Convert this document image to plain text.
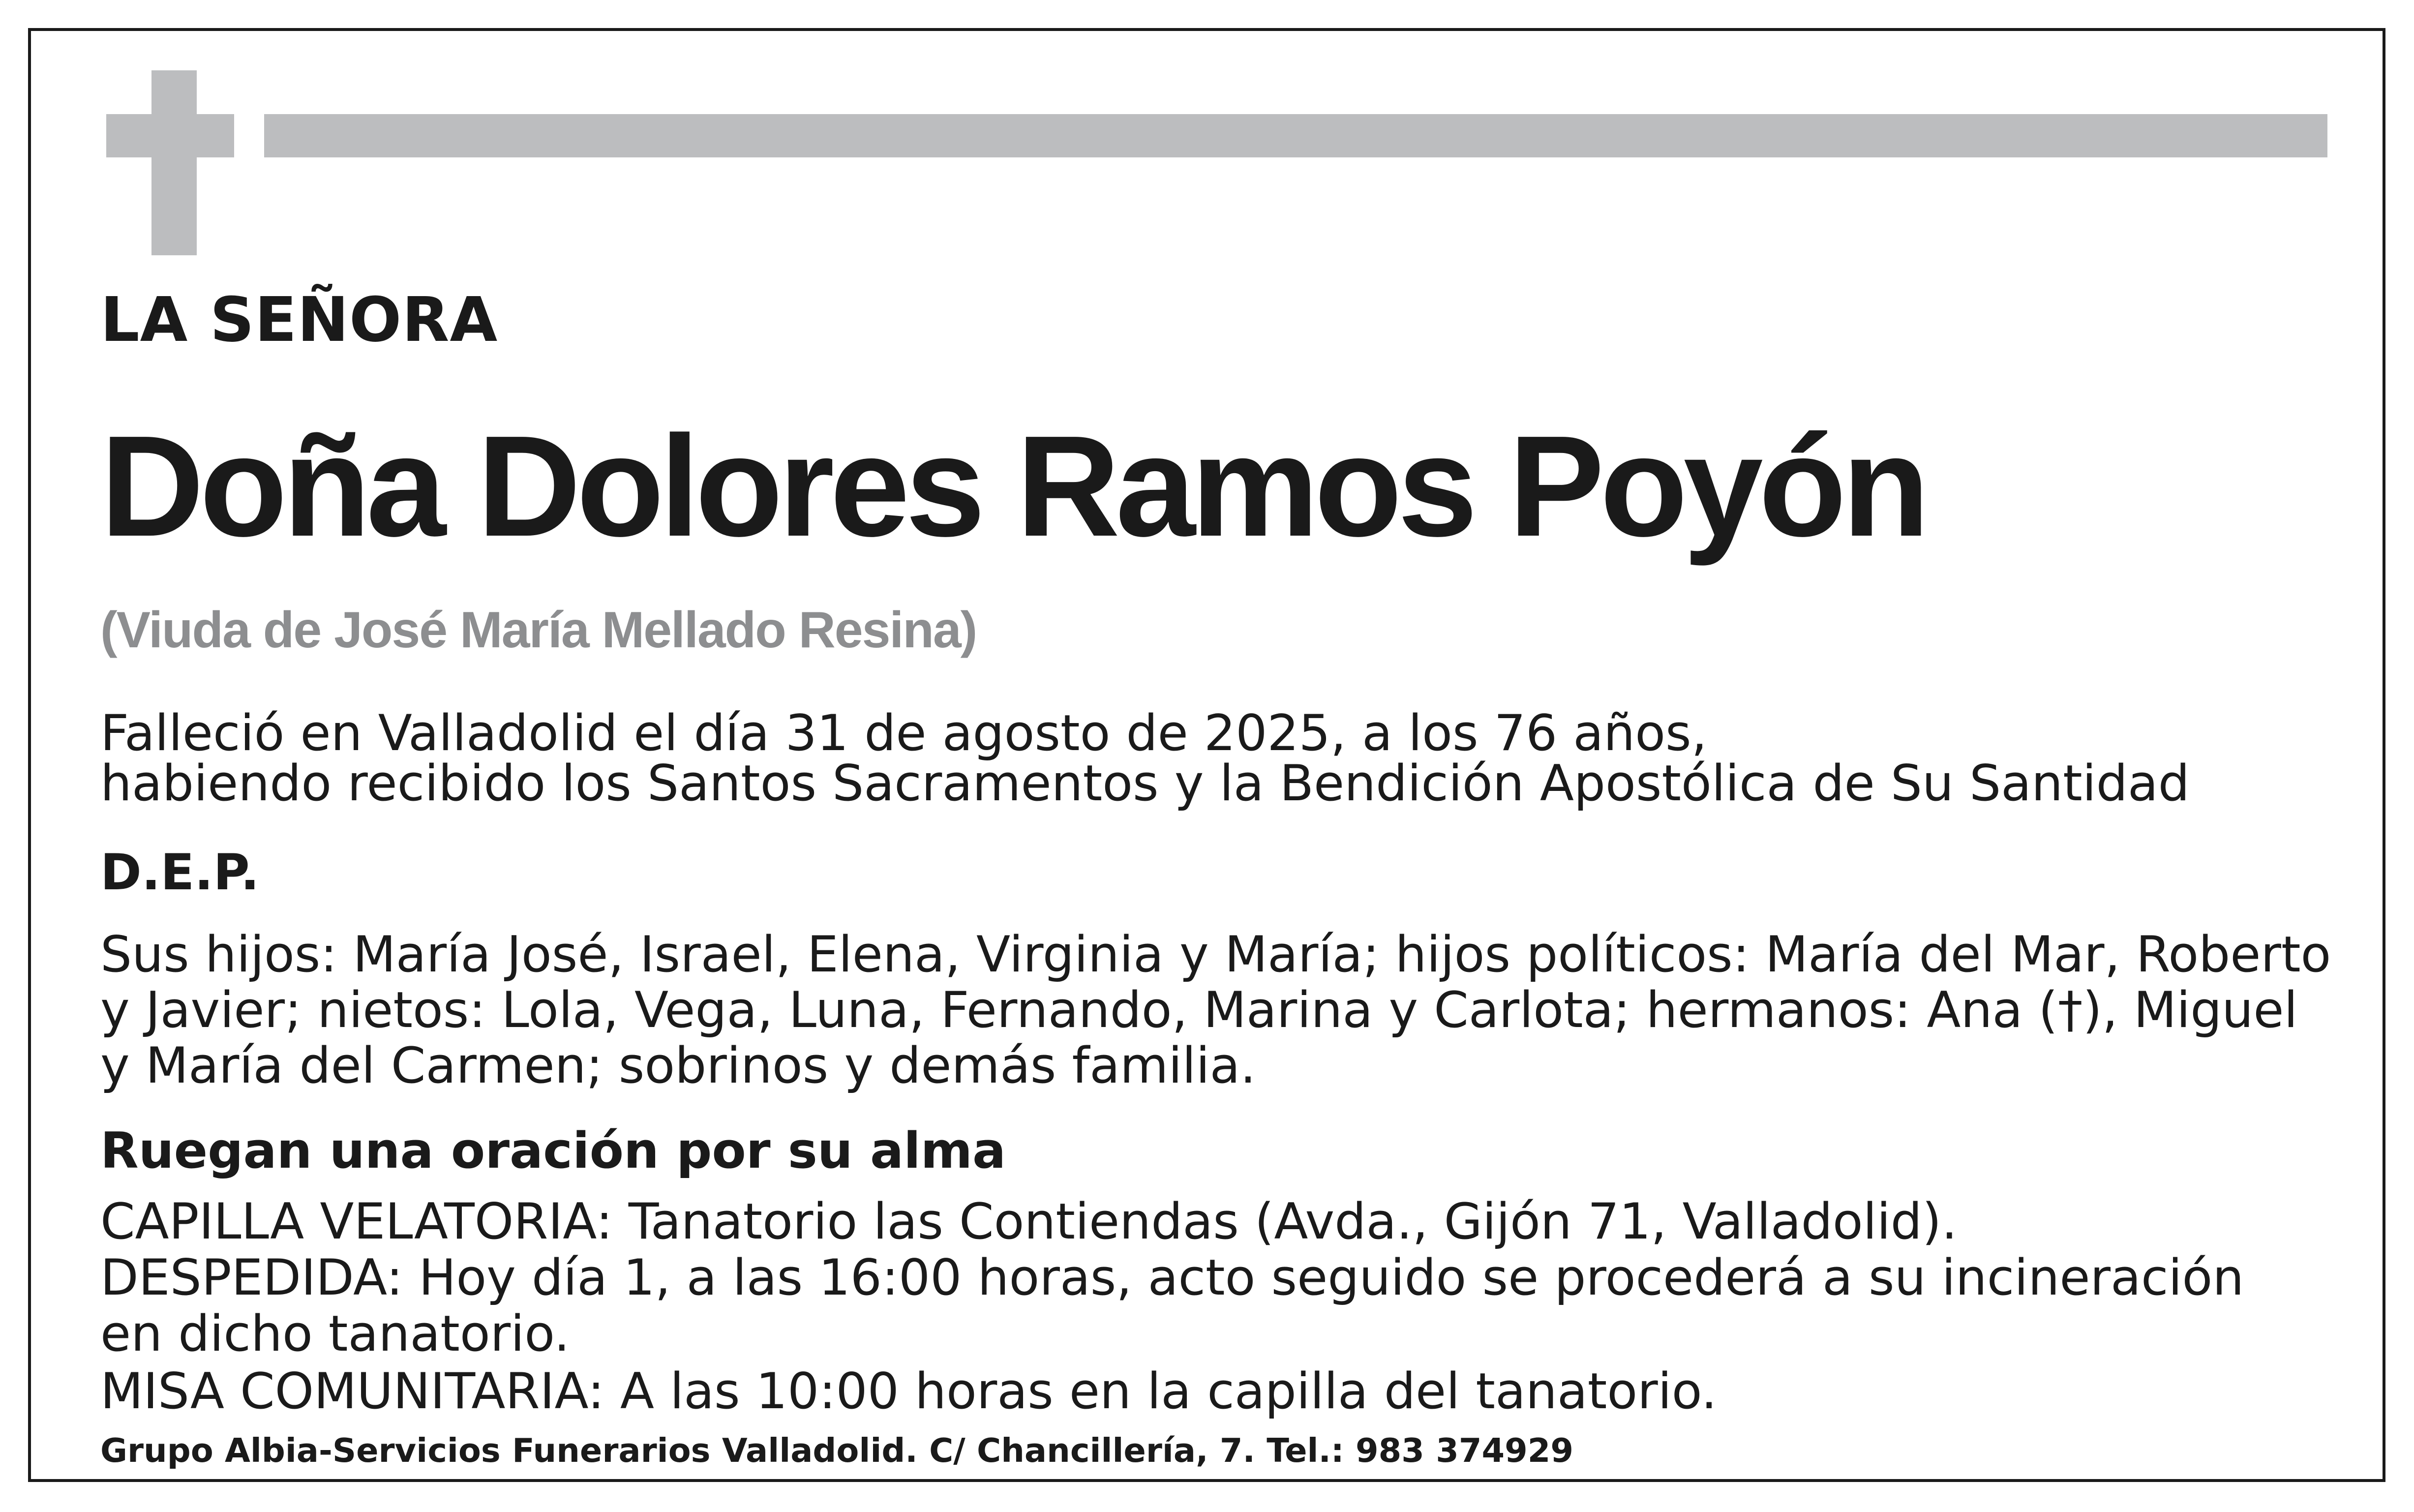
LA SEÑORA
Doña Dolores Ramos Poyón
(Viuda de José María Mellado Resina)
Falleció en Valladolid el día 31 de agosto de 2025, a los 76 años,
habiendo recibido los Santos Sacramentos y la Bendición Apostólica de Su Santidad
D.E.P.
Sus hijos: María José, Israel, Elena, Virginia y María; hijos políticos: María del Mar, Roberto
y Javier; nietos: Lola, Vega, Luna, Fernando, Marina y Carlota; hermanos: Ana (†), Miguel
y María del Carmen; sobrinos y demás familia.
Ruegan una oración por su alma
CAPILLA VELATORIA: Tanatorio las Contiendas (Avda., Gijón 71, Valladolid).
DESPEDIDA: Hoy día 1, a las 16:00 horas, acto seguido se procederá a su incineración
en dicho tanatorio.
MISA COMUNITARIA: A las 10:00 horas en la capilla del tanatorio.
Grupo Albia-Servicios Funerarios Valladolid. C/ Chancillería, 7. Tel.: 983 374929
